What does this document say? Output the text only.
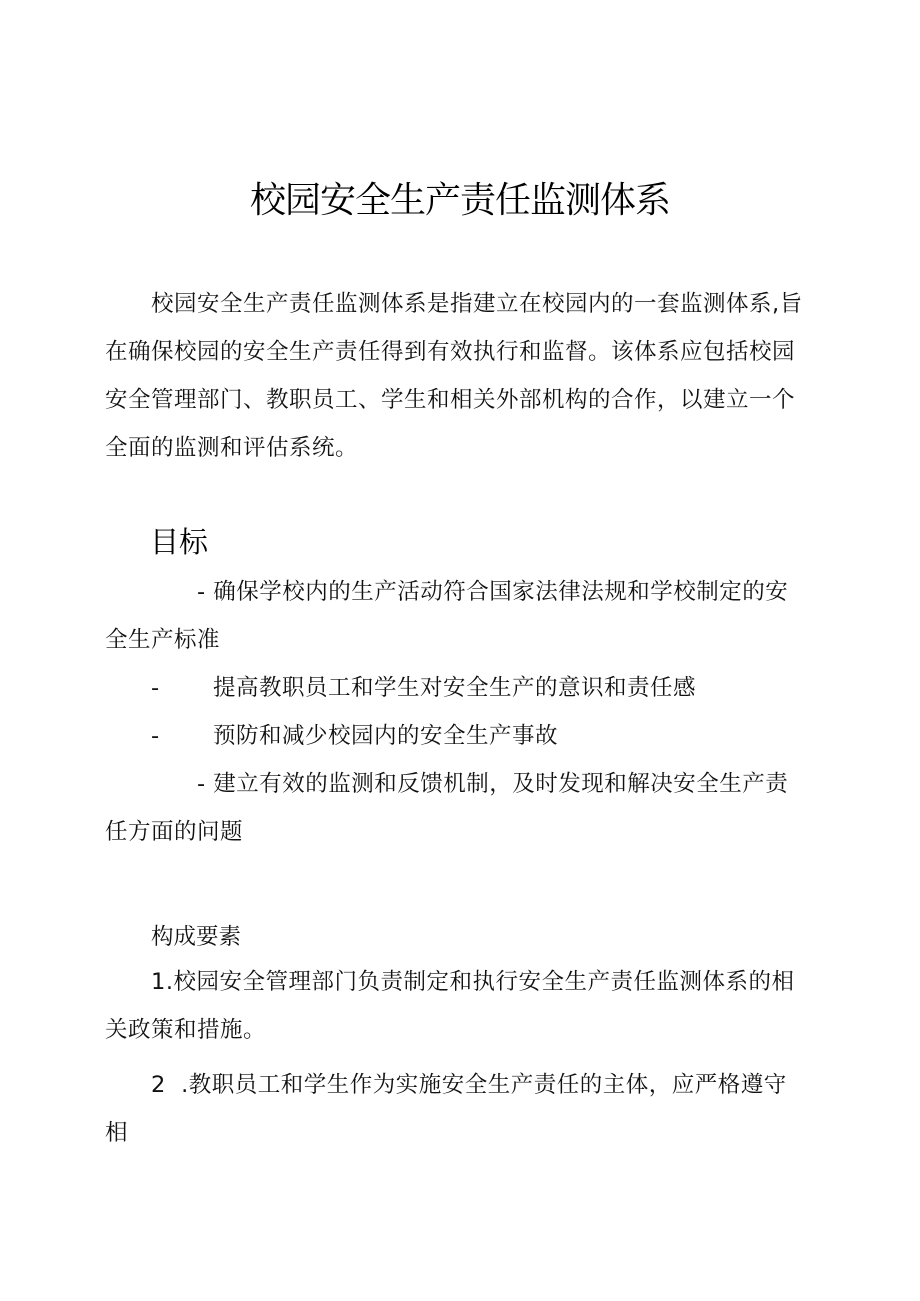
校园安全生产责任监测体系

校园安全生产责任监测体系是指建立在校园内的一套监测体系,旨在确保校园的安全生产责任得到有效执行和监督。该体系应包括校园安全管理部门、教职员工、学生和相关外部机构的合作，以建立一个全面的监测和评估系统。

目标

- 确保学校内的生产活动符合国家法律法规和学校制定的安全生产标准

- 提高教职员工和学生对安全生产的意识和责任感

- 预防和减少校园内的安全生产事故

- 建立有效的监测和反馈机制，及时发现和解决安全生产责任方面的问题

构成要素

1.校园安全管理部门负责制定和执行安全生产责任监测体系的相关政策和措施。

2 .教职员工和学生作为实施安全生产责任的主体，应严格遵守相
